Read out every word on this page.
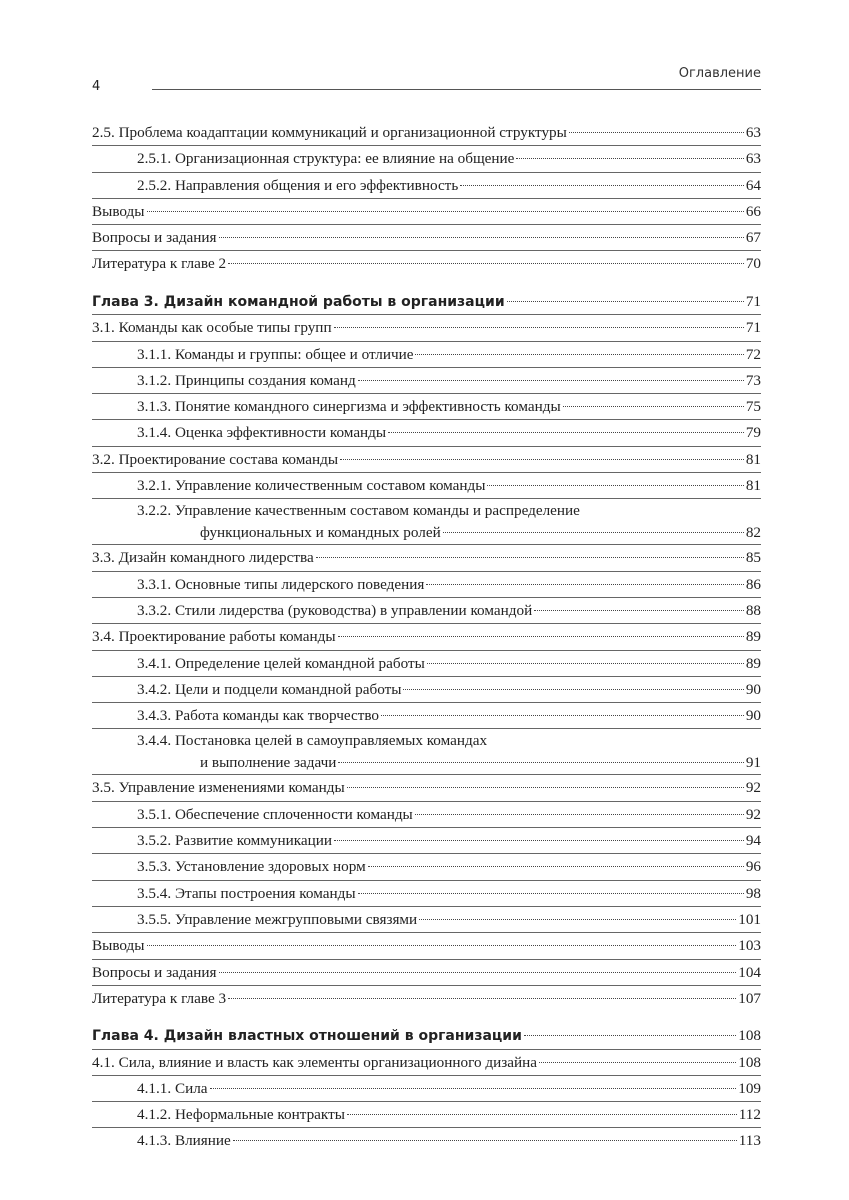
4
Оглавление
2.5. Проблема коадаптации коммуникаций и организационной структуры	63
2.5.1. Организационная структура: ее влияние на общение	63
2.5.2. Направления общения и его эффективность	64
Выводы	66
Вопросы и задания	67
Литература к главе 2	70
Глава 3. Дизайн командной работы в организации	71
3.1. Команды как особые типы групп	71
3.1.1. Команды и группы: общее и отличие	72
3.1.2. Принципы создания команд	73
3.1.3. Понятие командного синергизма и эффективность команды	75
3.1.4. Оценка эффективности команды	79
3.2. Проектирование состава команды	81
3.2.1. Управление количественным составом команды	81
3.2.2. Управление качественным составом команды и распределение
функциональных и командных ролей	82
3.3. Дизайн командного лидерства	85
3.3.1. Основные типы лидерского поведения	86
3.3.2. Стили лидерства (руководства) в управлении командой	88
3.4. Проектирование работы команды	89
3.4.1. Определение целей командной работы	89
3.4.2. Цели и подцели командной работы	90
3.4.3. Работа команды как творчество	90
3.4.4. Постановка целей в самоуправляемых командах
и выполнение задачи	91
3.5. Управление изменениями команды	92
3.5.1. Обеспечение сплоченности команды	92
3.5.2. Развитие коммуникации	94
3.5.3. Установление здоровых норм	96
3.5.4. Этапы построения команды	98
3.5.5. Управление межгрупповыми связями	101
Выводы	103
Вопросы и задания	104
Литература к главе 3	107
Глава 4. Дизайн властных отношений в организации	108
4.1. Сила, влияние и власть как элементы организационного дизайна	108
4.1.1. Сила	109
4.1.2. Неформальные контракты	112
4.1.3. Влияние	113
